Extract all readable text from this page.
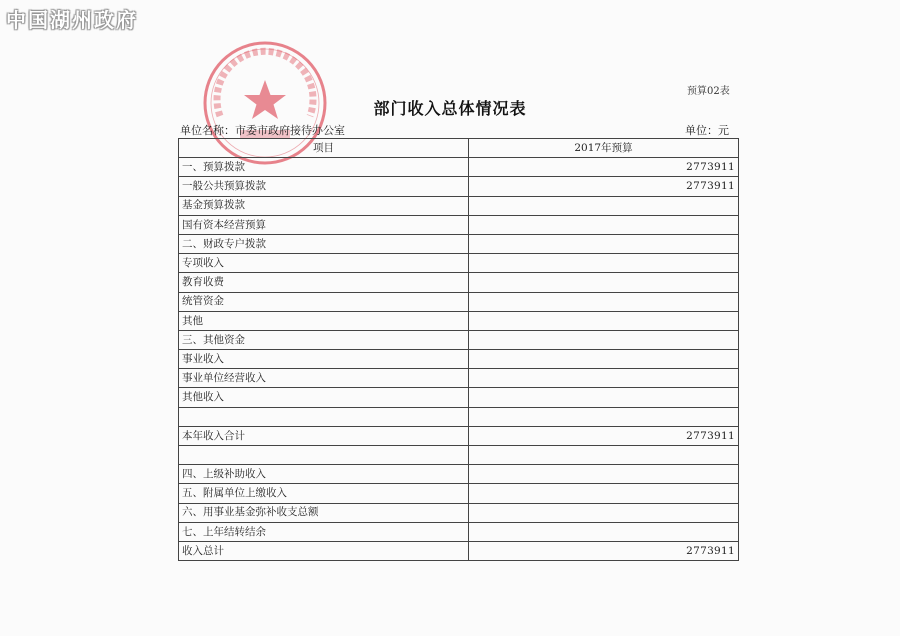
中国湖州政府
预算02表
部门收入总体情况表
单位名称：市委市政府接待办公室	单位：元
项目	2017年预算
一、预算拨款	2773911
一般公共预算拨款	2773911
基金预算拨款	
国有资本经营预算	
二、财政专户拨款	
专项收入	
教育收费	
统管资金	
其他	
三、其他资金	
事业收入	
事业单位经营收入	
其他收入	

本年收入合计	2773911

四、上级补助收入	
五、附属单位上缴收入	
六、用事业基金弥补收支总额	
七、上年结转结余	
收入总计	2773911
